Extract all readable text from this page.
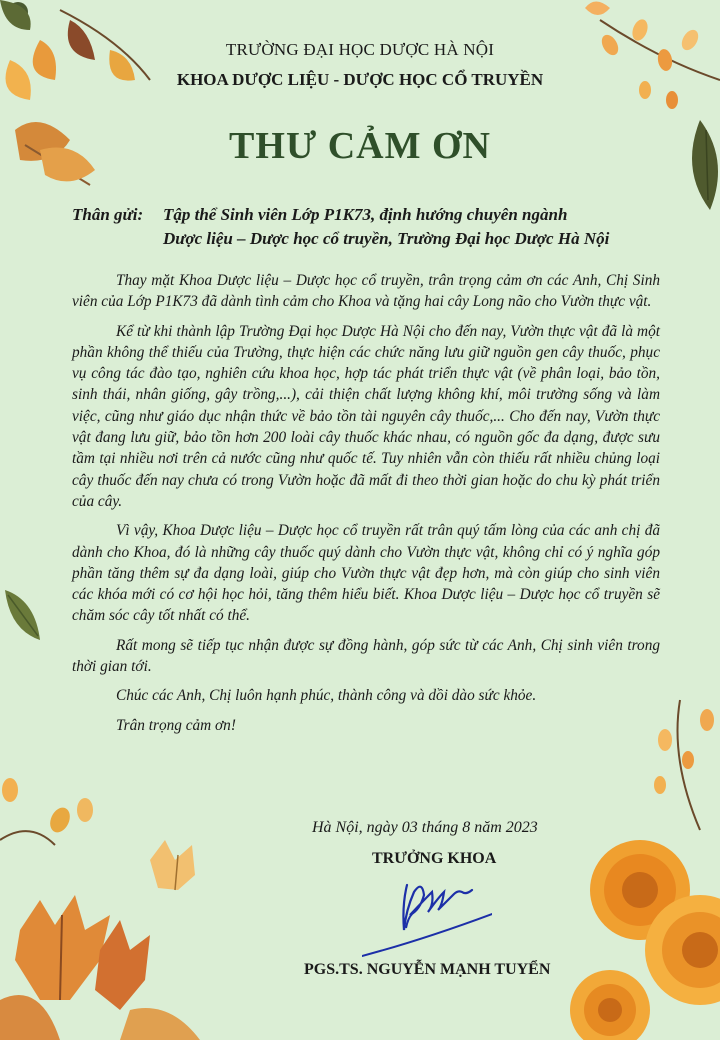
TRƯỜNG ĐẠI HỌC DƯỢC HÀ NỘI
KHOA DƯỢC LIỆU - DƯỢC HỌC CỔ TRUYỀN
THƯ CẢM ƠN
Thân gửi: Tập thể Sinh viên Lớp P1K73, định hướng chuyên ngành
Dược liệu – Dược học cổ truyền, Trường Đại học Dược Hà Nội

Thay mặt Khoa Dược liệu – Dược học cổ truyền, trân trọng cảm ơn các Anh, Chị Sinh viên của Lớp P1K73 đã dành tình cảm cho Khoa và tặng hai cây Long não cho Vườn thực vật.

Kể từ khi thành lập Trường Đại học Dược Hà Nội cho đến nay, Vườn thực vật đã là một phần không thể thiếu của Trường, thực hiện các chức năng lưu giữ nguồn gen cây thuốc, phục vụ công tác đào tạo, nghiên cứu khoa học, hợp tác phát triển thực vật (về phân loại, bảo tồn, sinh thái, nhân giống, gây trồng,...), cải thiện chất lượng không khí, môi trường sống và làm việc, cũng như giáo dục nhận thức về bảo tồn tài nguyên cây thuốc,... Cho đến nay, Vườn thực vật đang lưu giữ, bảo tồn hơn 200 loài cây thuốc khác nhau, có nguồn gốc đa dạng, được sưu tầm tại nhiều nơi trên cả nước cũng như quốc tế. Tuy nhiên vẫn còn thiếu rất nhiều chủng loại cây thuốc đến nay chưa có trong Vườn hoặc đã mất đi theo thời gian hoặc do chu kỳ phát triển của cây.

Vì vậy, Khoa Dược liệu – Dược học cổ truyền rất trân quý tấm lòng của các anh chị đã dành cho Khoa, đó là những cây thuốc quý dành cho Vườn thực vật, không chỉ có ý nghĩa góp phần tăng thêm sự đa dạng loài, giúp cho Vườn thực vật đẹp hơn, mà còn giúp cho sinh viên các khóa mới có cơ hội học hỏi, tăng thêm hiểu biết. Khoa Dược liệu – Dược học cổ truyền sẽ chăm sóc cây tốt nhất có thể.

Rất mong sẽ tiếp tục nhận được sự đồng hành, góp sức từ các Anh, Chị sinh viên trong thời gian tới.

Chúc các Anh, Chị luôn hạnh phúc, thành công và dồi dào sức khỏe.

Trân trọng cảm ơn!

Hà Nội, ngày 03 tháng 8 năm 2023
TRƯỞNG KHOA
PGS.TS. NGUYỄN MẠNH TUYỂN
